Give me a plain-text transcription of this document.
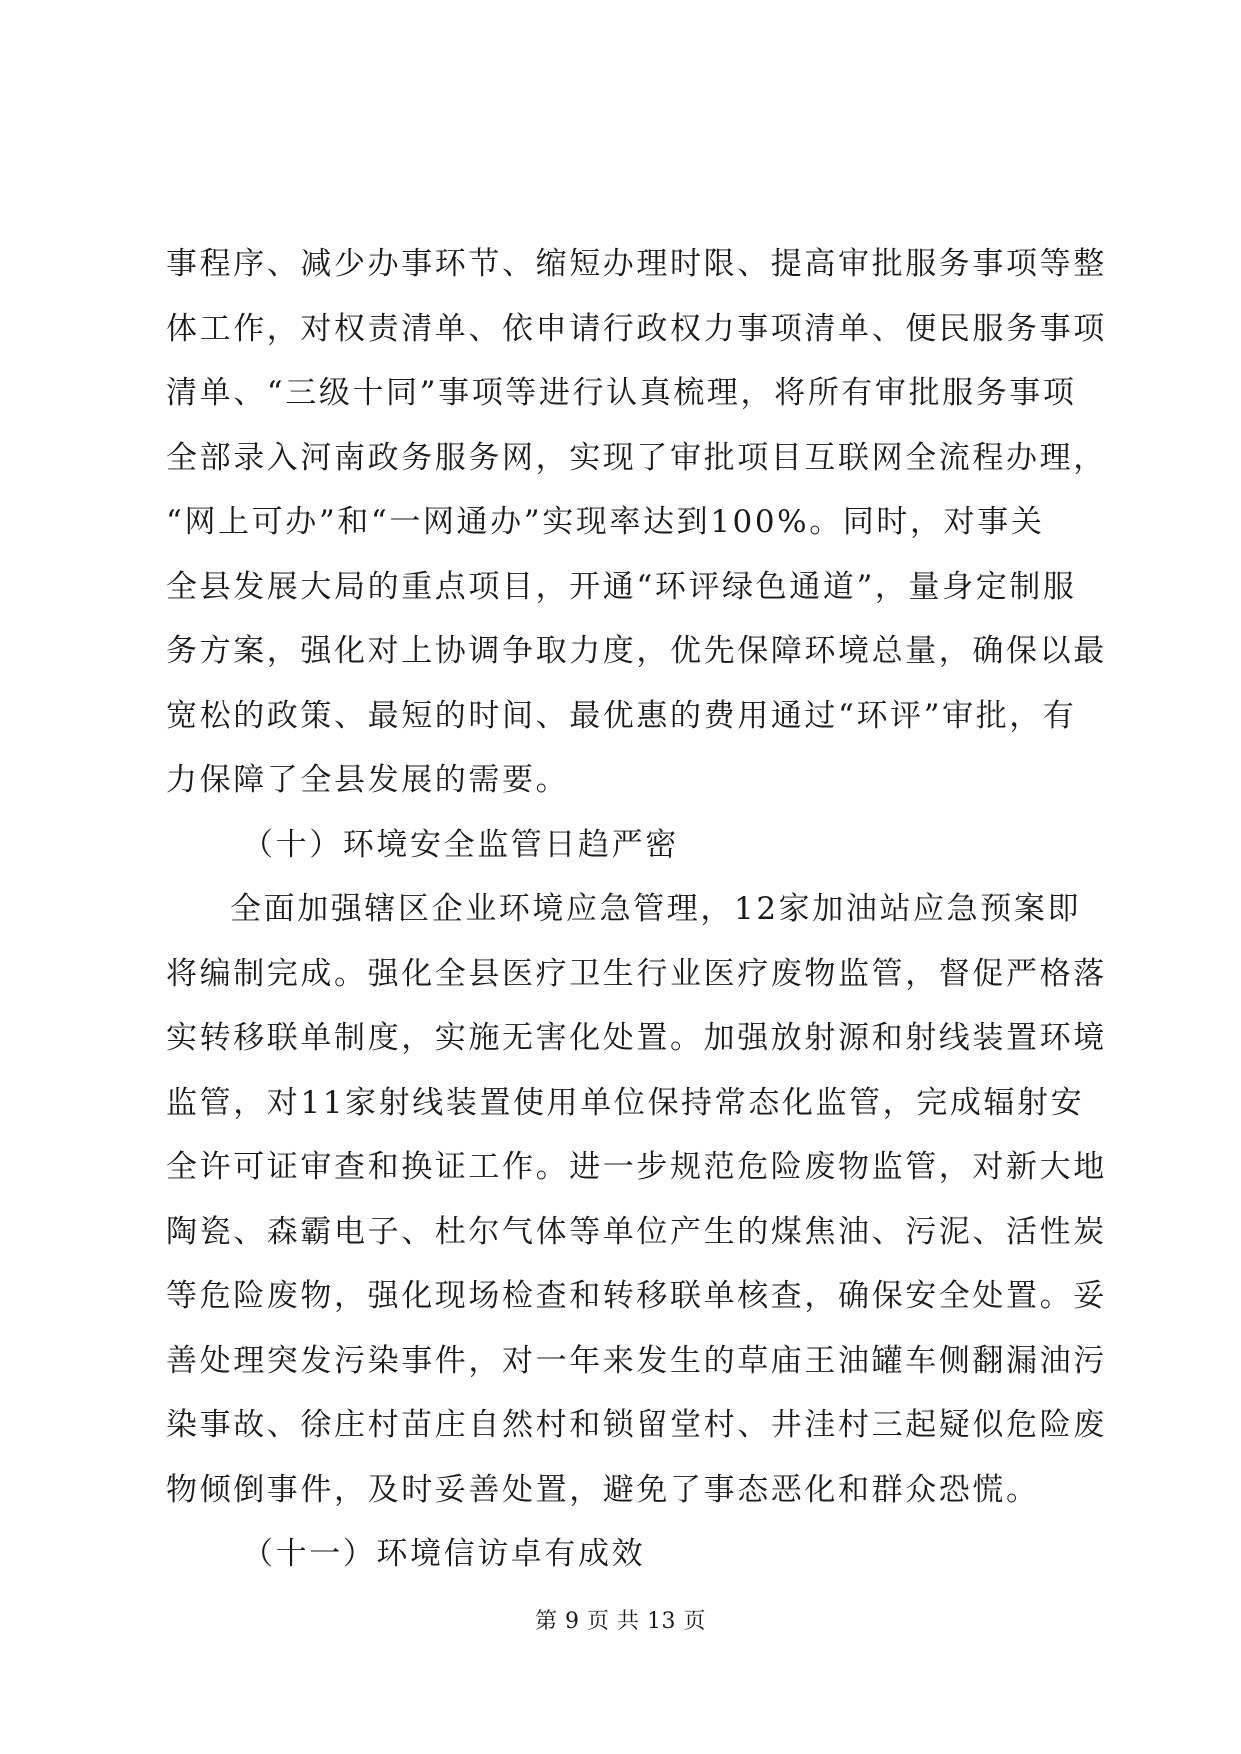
事程序、减少办事环节、缩短办理时限、提高审批服务事项等整
体工作，对权责清单、依申请行政权力事项清单、便民服务事项
清单、“三级十同”事项等进行认真梳理，将所有审批服务事项
全部录入河南政务服务网，实现了审批项目互联网全流程办理，
“网上可办”和“一网通办”实现率达到100%。同时，对事关
全县发展大局的重点项目，开通“环评绿色通道”，量身定制服
务方案，强化对上协调争取力度，优先保障环境总量，确保以最
宽松的政策、最短的时间、最优惠的费用通过“环评”审批，有
力保障了全县发展的需要。
（十）环境安全监管日趋严密
全面加强辖区企业环境应急管理，12家加油站应急预案即
将编制完成。强化全县医疗卫生行业医疗废物监管，督促严格落
实转移联单制度，实施无害化处置。加强放射源和射线装置环境
监管，对11家射线装置使用单位保持常态化监管，完成辐射安
全许可证审查和换证工作。进一步规范危险废物监管，对新大地
陶瓷、森霸电子、杜尔气体等单位产生的煤焦油、污泥、活性炭
等危险废物，强化现场检查和转移联单核查，确保安全处置。妥
善处理突发污染事件，对一年来发生的草庙王油罐车侧翻漏油污
染事故、徐庄村苗庄自然村和锁留堂村、井洼村三起疑似危险废
物倾倒事件，及时妥善处置，避免了事态恶化和群众恐慌。
（十一）环境信访卓有成效
第 9 页 共 13 页
